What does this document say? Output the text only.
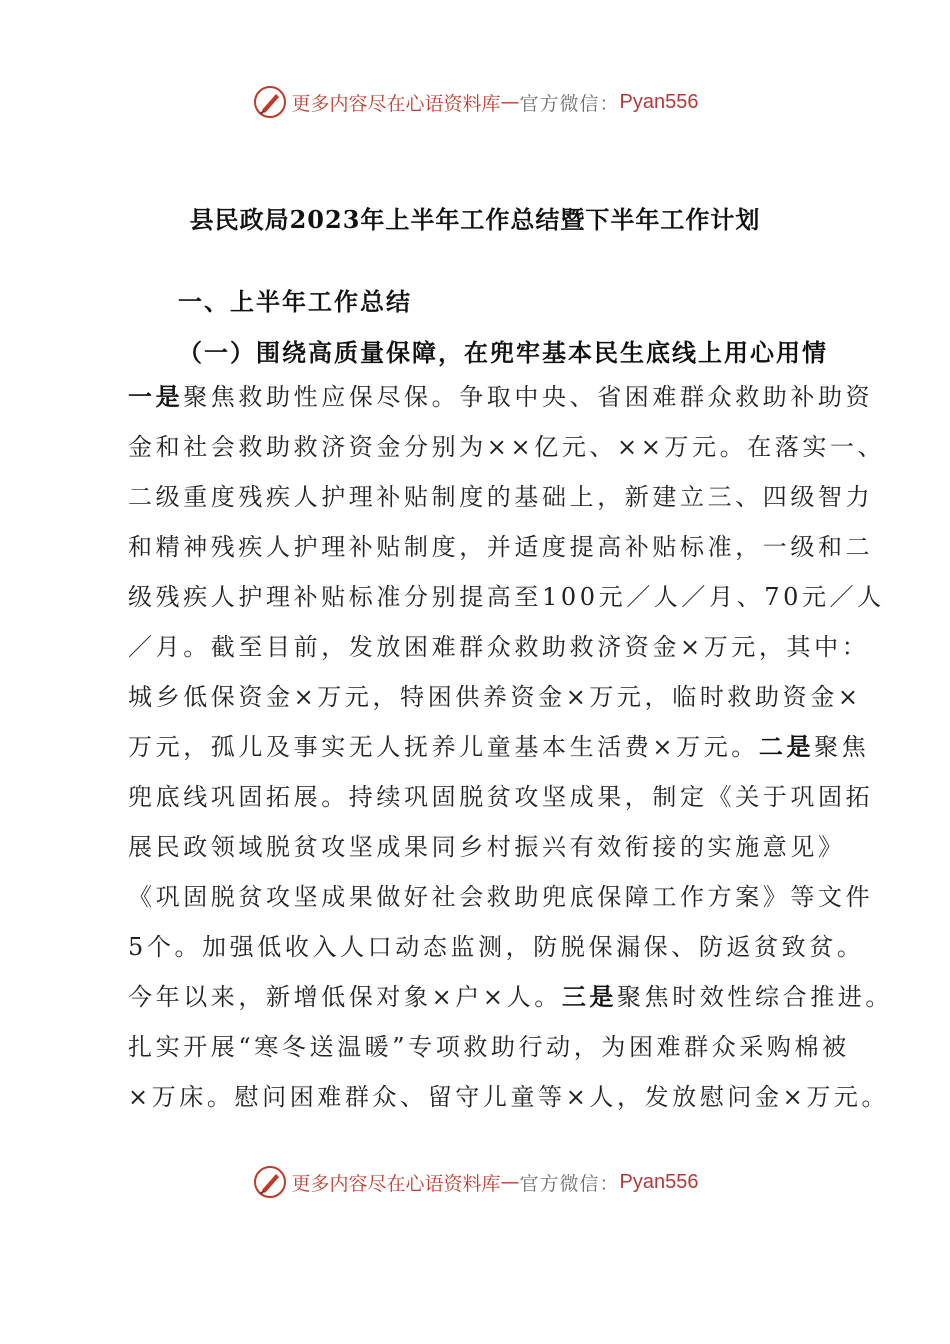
更多内容尽在心语资料库 — 官方微信： Pyan556
县民政局2023年上半年工作总结暨下半年工作计划
一、上半年工作总结
（一）围绕高质量保障，在兜牢基本民生底线上用心用情
一是聚焦救助性应保尽保。争取中央、省困难群众救助补助资
金和社会救助救济资金分别为××亿元、××万元。在落实一、
二级重度残疾人护理补贴制度的基础上，新建立三、四级智力
和精神残疾人护理补贴制度，并适度提高补贴标准，一级和二
级残疾人护理补贴标准分别提高至100元／人／月、70元／人
／月。截至目前，发放困难群众救助救济资金×万元，其中：
城乡低保资金×万元，特困供养资金×万元，临时救助资金×
万元，孤儿及事实无人抚养儿童基本生活费×万元。二是聚焦
兜底线巩固拓展。持续巩固脱贫攻坚成果，制定《关于巩固拓
展民政领域脱贫攻坚成果同乡村振兴有效衔接的实施意见》
《巩固脱贫攻坚成果做好社会救助兜底保障工作方案》等文件
5个。加强低收入人口动态监测，防脱保漏保、防返贫致贫。
今年以来，新增低保对象×户×人。三是聚焦时效性综合推进。
扎实开展“寒冬送温暖”专项救助行动，为困难群众采购棉被
×万床。慰问困难群众、留守儿童等×人，发放慰问金×万元。
更多内容尽在心语资料库 — 官方微信： Pyan556
